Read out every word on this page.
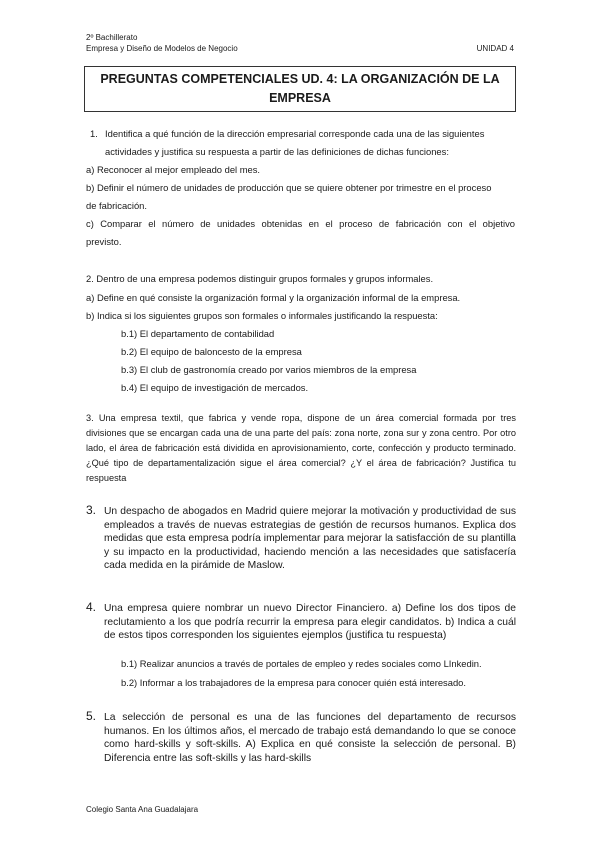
2º Bachillerato
Empresa y Diseño de Modelos de Negocio	UNIDAD 4
PREGUNTAS COMPETENCIALES UD. 4: LA ORGANIZACIÓN DE LA
EMPRESA
1. Identifica a qué función de la dirección empresarial corresponde cada una de las siguientes
actividades y justifica su respuesta a partir de las definiciones de dichas funciones:
a) Reconocer al mejor empleado del mes.
b) Definir el número de unidades de producción que se quiere obtener por trimestre en el proceso
de fabricación.
c) Comparar el número de unidades obtenidas en el proceso de fabricación con el objetivo
previsto.
2. Dentro de una empresa podemos distinguir grupos formales y grupos informales.
a) Define en qué consiste la organización formal y la organización informal de la empresa.
b) Indica si los siguientes grupos son formales o informales justificando la respuesta:
b.1) El departamento de contabilidad
b.2) El equipo de baloncesto de la empresa
b.3) El club de gastronomía creado por varios miembros de la empresa
b.4) El equipo de investigación de mercados.
3. Una empresa textil, que fabrica y vende ropa, dispone de un área comercial formada por tres divisiones que se encargan cada una de una parte del país: zona norte, zona sur y zona centro. Por otro lado, el área de fabricación está dividida en aprovisionamiento, corte, confección y producto terminado. ¿Qué tipo de departamentalización sigue el área comercial? ¿Y el área de fabricación? Justifica tu respuesta
3. Un despacho de abogados en Madrid quiere mejorar la motivación y productividad de sus empleados a través de nuevas estrategias de gestión de recursos humanos. Explica dos medidas que esta empresa podría implementar para mejorar la satisfacción de su plantilla y su impacto en la productividad, haciendo mención a las necesidades que satisfacería cada medida en la pirámide de Maslow.
4. Una empresa quiere nombrar un nuevo Director Financiero. a) Define los dos tipos de reclutamiento a los que podría recurrir la empresa para elegir candidatos. b) Indica a cuál de estos tipos corresponden los siguientes ejemplos (justifica tu respuesta)
b.1) Realizar anuncios a través de portales de empleo y redes sociales como LInkedin.
b.2) Informar a los trabajadores de la empresa para conocer quién está interesado.
5. La selección de personal es una de las funciones del departamento de recursos humanos. En los últimos años, el mercado de trabajo está demandando lo que se conoce como hard-skills y soft-skills. A) Explica en qué consiste la selección de personal. B) Diferencia entre las soft-skills y las hard-skills
Colegio Santa Ana Guadalajara
